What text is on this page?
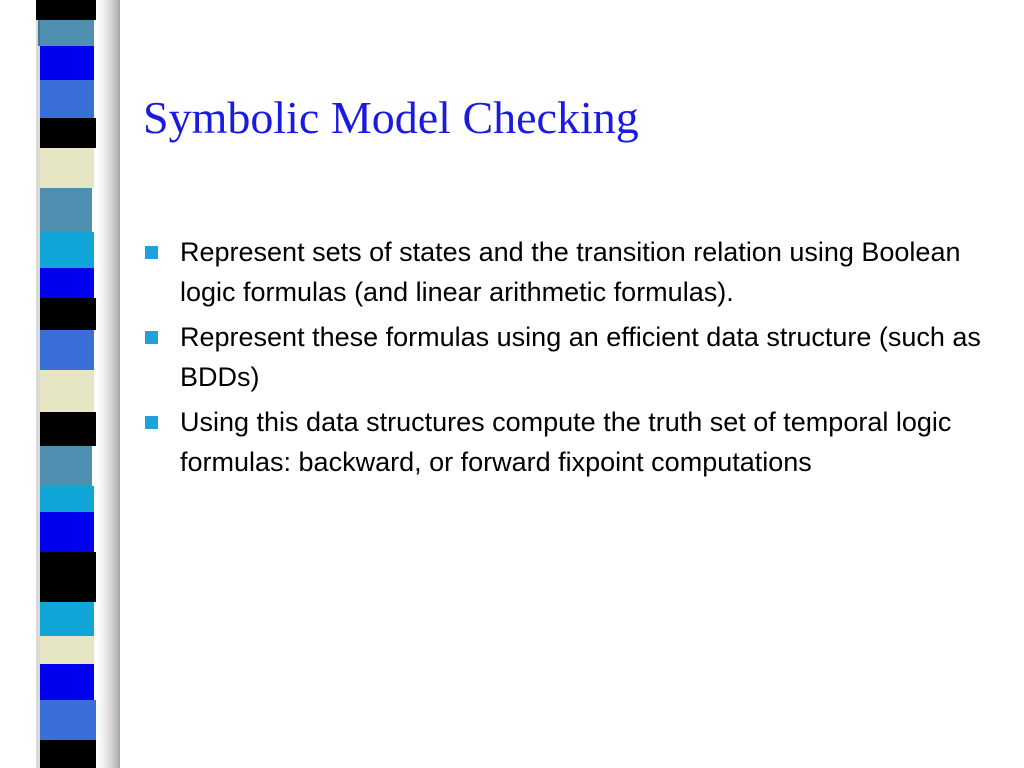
Symbolic Model Checking
Represent sets of states and the transition relation using Boolean logic formulas (and linear arithmetic formulas).
Represent these formulas using an efficient data structure (such as BDDs)
Using this data structures compute the truth set of temporal logic formulas: backward, or forward fixpoint computations
